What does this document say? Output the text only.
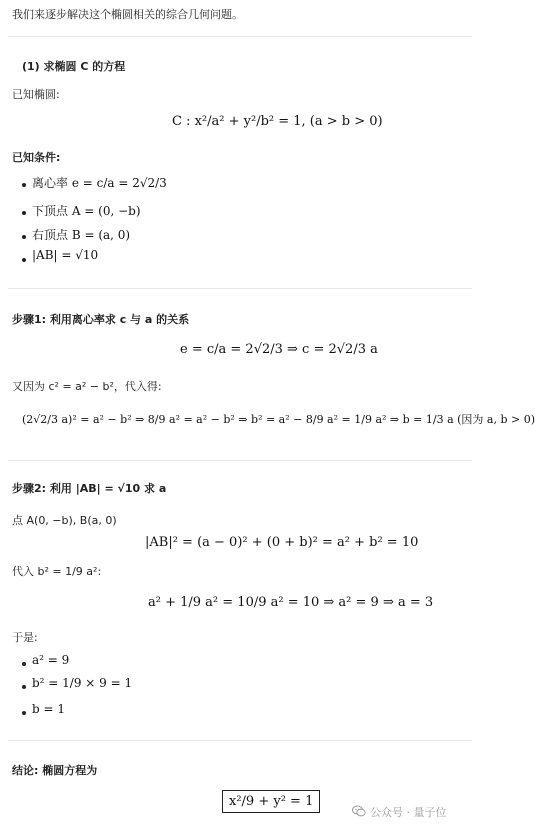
我们来逐步解决这个椭圆相关的综合几何问题。
(1) 求椭圆 C 的方程
已知椭圆:
C : x²/a² + y²/b² = 1, (a > b > 0)
已知条件:
离心率 e = c/a = 2√2/3
下顶点 A = (0, −b)
右顶点 B = (a, 0)
|AB| = √10
步骤1: 利用离心率求 c 与 a 的关系
e = c/a = 2√2/3 ⇒ c = 2√2/3 a
又因为 c² = a² − b²，代入得:
(2√2/3 a)² = a² − b² ⇒ 8/9 a² = a² − b² ⇒ b² = a² − 8/9 a² = 1/9 a² ⇒ b = 1/3 a (因为 a, b > 0)
步骤2: 利用 |AB| = √10 求 a
点 A(0, −b), B(a, 0)
|AB|² = (a − 0)² + (0 + b)² = a² + b² = 10
代入 b² = 1/9 a²:
a² + 1/9 a² = 10/9 a² = 10 ⇒ a² = 9 ⇒ a = 3
于是:
a² = 9
b² = 1/9 × 9 = 1
b = 1
结论: 椭圆方程为
x²/9 + y² = 1
公众号 · 量子位
